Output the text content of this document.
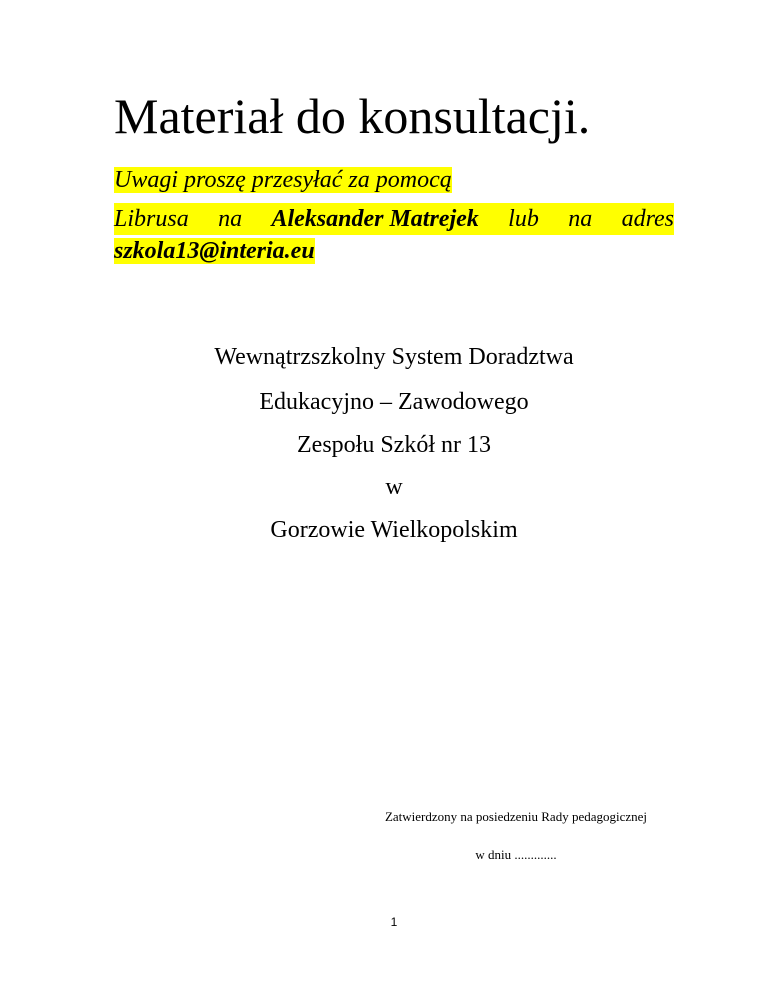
Materiał do konsultacji.
Uwagi proszę przesyłać za pomocą
Librusa na Aleksander Matrejek lub na adres
szkola13@interia.eu
Wewnątrzszkolny System Doradztwa
Edukacyjno – Zawodowego
Zespołu Szkół nr 13
w
Gorzowie Wielkopolskim
Zatwierdzony na posiedzeniu Rady pedagogicznej
w dniu .............
1
